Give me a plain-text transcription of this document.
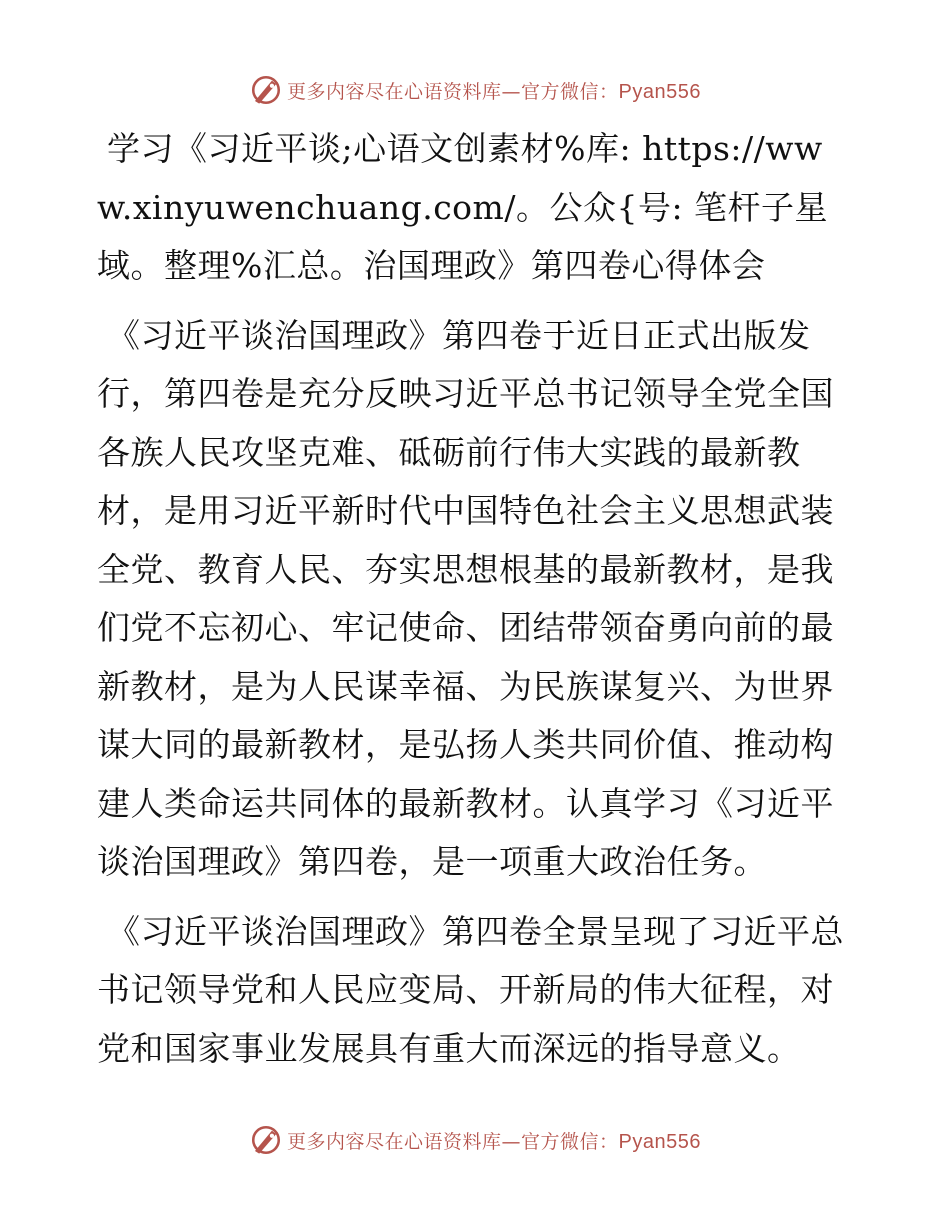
更多内容尽在心语资料库—官方微信：Pyan556

学习《习近平谈;心语文创素材%库: https://www.xinyuwenchuang.com/。公众{号: 笔杆子星域。整理%汇总。治国理政》第四卷心得体会

《习近平谈治国理政》第四卷于近日正式出版发行，第四卷是充分反映习近平总书记领导全党全国各族人民攻坚克难、砥砺前行伟大实践的最新教材，是用习近平新时代中国特色社会主义思想武装全党、教育人民、夯实思想根基的最新教材，是我们党不忘初心、牢记使命、团结带领奋勇向前的最新教材，是为人民谋幸福、为民族谋复兴、为世界谋大同的最新教材，是弘扬人类共同价值、推动构建人类命运共同体的最新教材。认真学习《习近平谈治国理政》第四卷，是一项重大政治任务。

《习近平谈治国理政》第四卷全景呈现了习近平总书记领导党和人民应变局、开新局的伟大征程，对党和国家事业发展具有重大而深远的指导意义。

更多内容尽在心语资料库—官方微信：Pyan556
